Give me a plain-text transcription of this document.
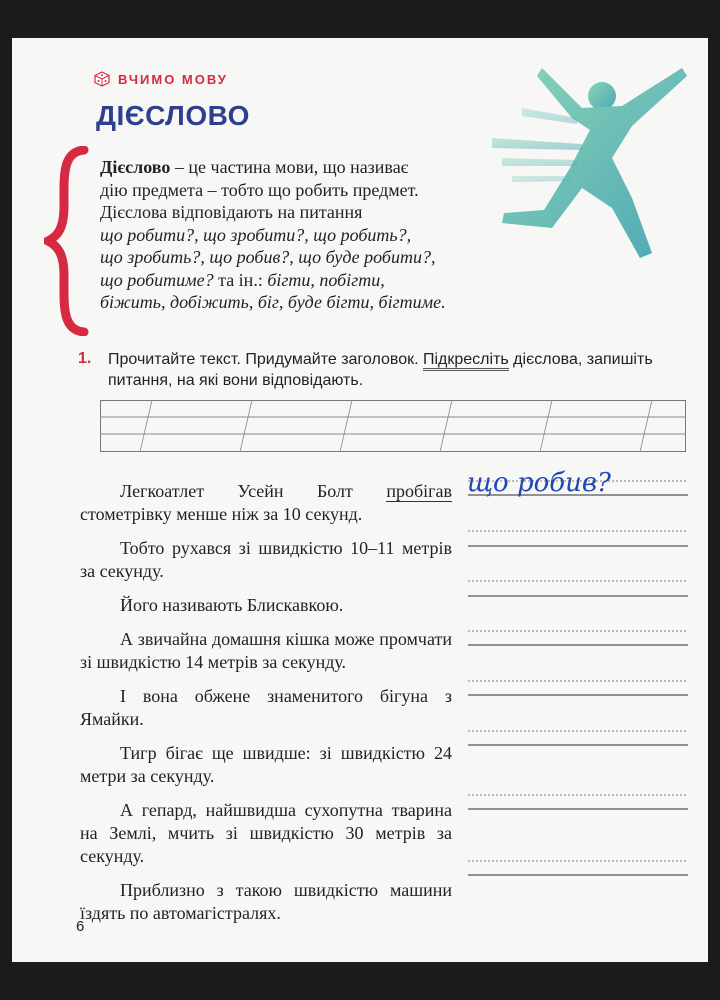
ВЧИМО МОВУ
ДІЄСЛОВО
Дієслово – це частина мови, що називає
дію предмета – тобто що робить предмет.
Дієслова відповідають на питання
що робити?, що зробити?, що робить?,
що зробить?, що робив?, що буде робити?,
що робитиме? та ін.: бігти, побігти,
біжить, добіжить, біг, буде бігти, бігтиме.
1. Прочитайте текст. Придумайте заголовок. Підкресліть дієслова, запишіть питання, на які вони відповідають.

Легкоатлет Усейн Болт пробігав стометрівку менше ніж за 10 секунд.

Тобто рухався зі швидкістю 10–11 метрів за секунду.

Його називають Блискавкою.

А звичайна домашня кішка може промчати зі швидкістю 14 метрів за секунду.

І вона обжене знаменитого бігуна з Ямайки.

Тигр бігає ще швидше: зі швидкістю 24 метри за секунду.

А гепард, найшвидша сухопутна тварина на Землі, мчить зі швидкістю 30 метрів за секунду.

Приблизно з такою швидкістю машини їздять по автомагістралях.

що робив?
6
